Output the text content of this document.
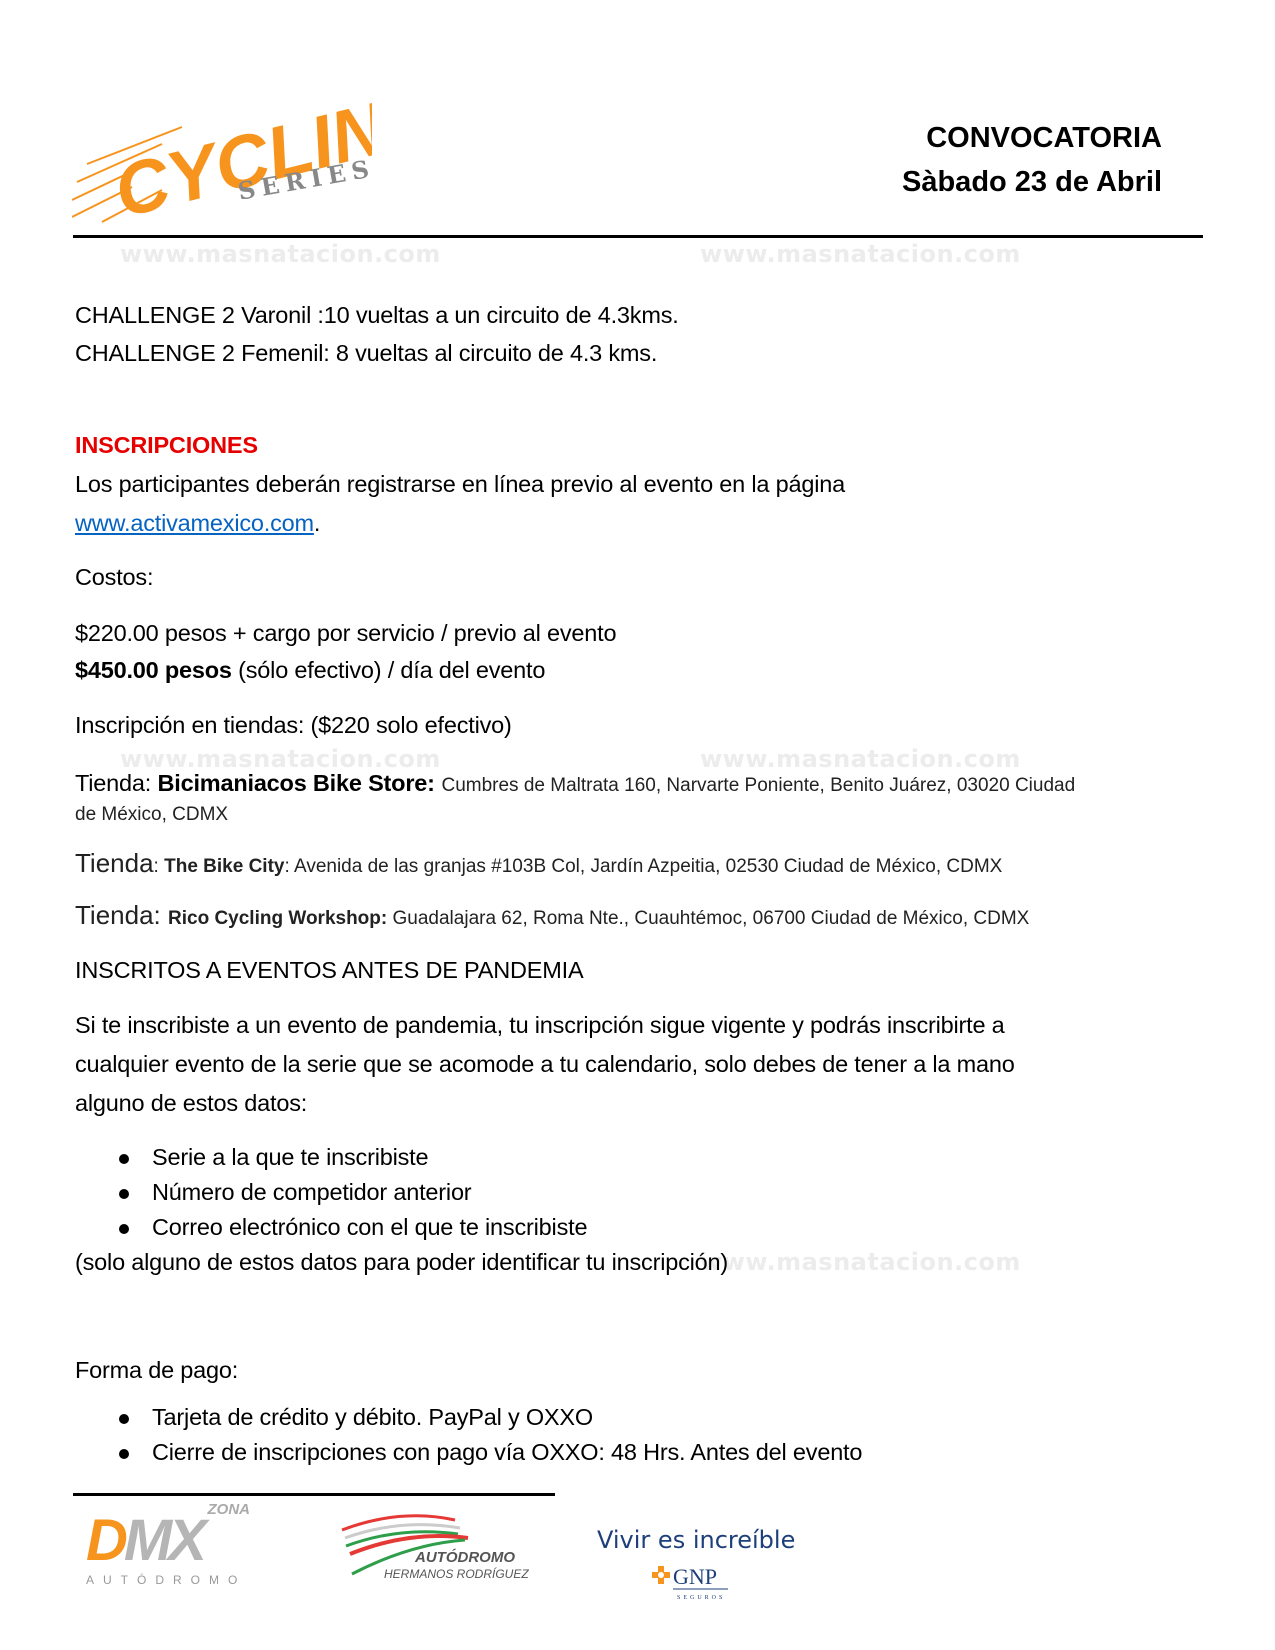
CYCLING
SERIES
CONVOCATORIA
Sàbado 23 de Abril
www.masnatacion.com	www.masnatacion.com
www.masnatacion.com	www.masnatacion.com
www.masnatacion.com
CHALLENGE 2 Varonil :10 vueltas a un circuito de 4.3kms.
CHALLENGE 2 Femenil: 8 vueltas al circuito de 4.3 kms.
INSCRIPCIONES
Los participantes deberán registrarse en línea previo al evento en la página
www.activamexico.com.
Costos:
$220.00 pesos + cargo por servicio / previo al evento
$450.00 pesos (sólo efectivo) / día del evento
Inscripción en tiendas: ($220 solo efectivo)
Tienda: Bicimaniacos Bike Store: Cumbres de Maltrata 160, Narvarte Poniente, Benito Juárez, 03020 Ciudad
de México, CDMX
Tienda: The Bike City: Avenida de las granjas #103B Col, Jardín Azpeitia, 02530 Ciudad de México, CDMX
Tienda: Rico Cycling Workshop: Guadalajara 62, Roma Nte., Cuauhtémoc, 06700 Ciudad de México, CDMX
INSCRITOS A EVENTOS ANTES DE PANDEMIA
Si te inscribiste a un evento de pandemia, tu inscripción sigue vigente y podrás inscribirte a
cualquier evento de la serie que se acomode a tu calendario, solo debes de tener a la mano
alguno de estos datos:
Serie a la que te inscribiste
Número de competidor anterior
Correo electrónico con el que te inscribiste
(solo alguno de estos datos para poder identificar tu inscripción)
Forma de pago:
Tarjeta de crédito y débito. PayPal y OXXO
Cierre de inscripciones con pago vía OXXO: 48 Hrs. Antes del evento
ZONA
DMX
AUTÓDROMO
AUTÓDROMO
HERMANOS RODRÍGUEZ
Vivir es increíble
GNP
SEGUROS
